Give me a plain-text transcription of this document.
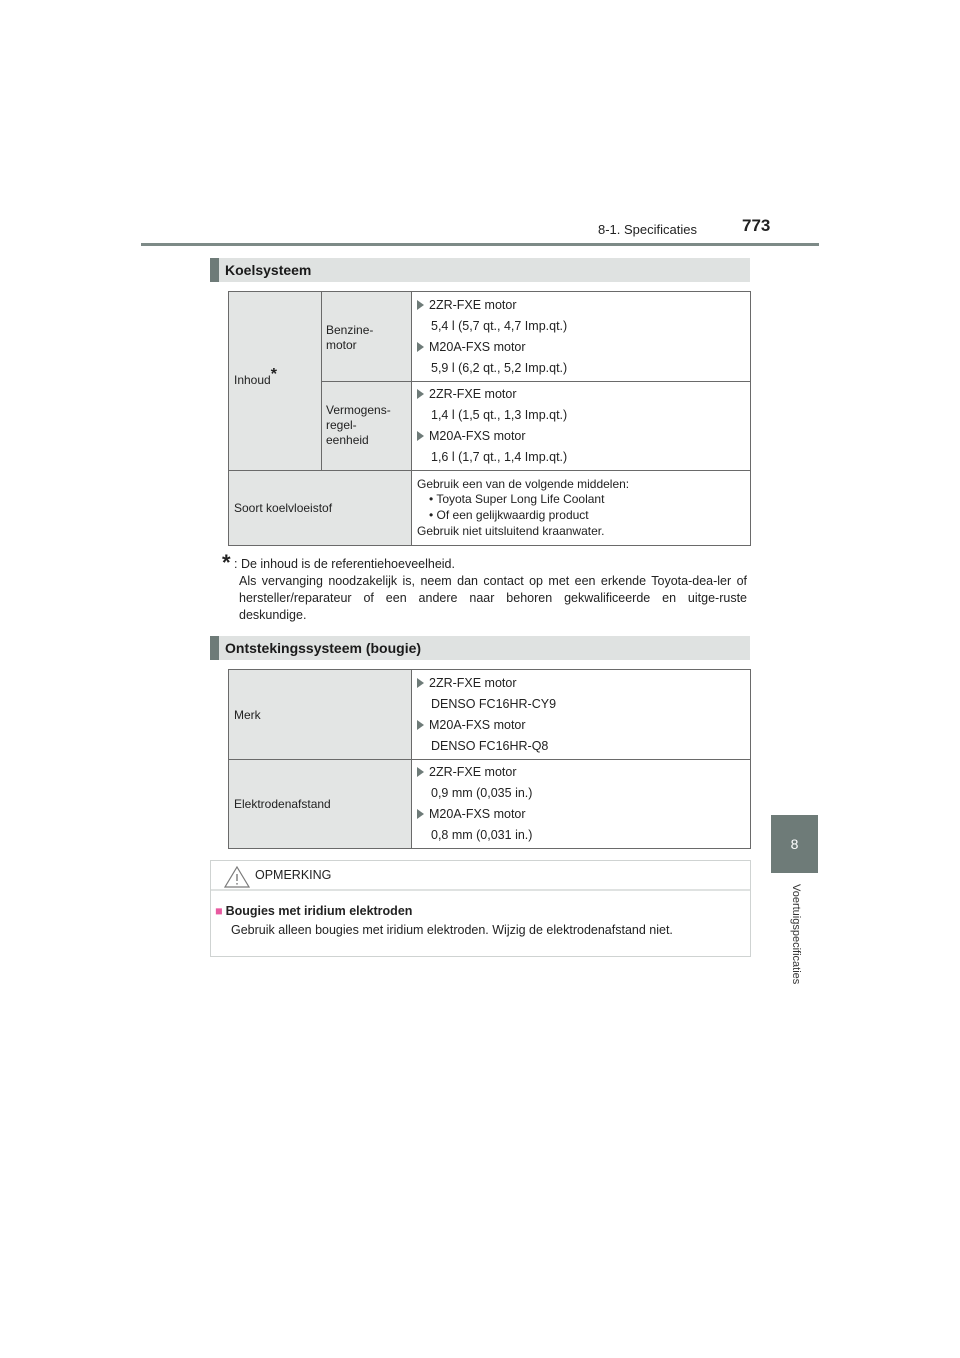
8-1. Specificaties	773
8
Voertuigspecificaties
Koelsysteem
Inhoud*
Benzine-
motor
Vermogens-
regel-
eenheid
Soort koelvloeistof
2ZR-FXE motor
5,4 l (5,7 qt., 4,7 Imp.qt.)
M20A-FXS motor
5,9 l (6,2 qt., 5,2 Imp.qt.)
2ZR-FXE motor
1,4 l (1,5 qt., 1,3 Imp.qt.)
M20A-FXS motor
1,6 l (1,7 qt., 1,4 Imp.qt.)
Gebruik een van de volgende middelen:
• Toyota Super Long Life Coolant
• Of een gelijkwaardig product
Gebruik niet uitsluitend kraanwater.
* : De inhoud is de referentiehoeveelheid.
Als vervanging noodzakelijk is, neem dan contact op met een erkende Toyota-dea-ler of hersteller/reparateur of een andere naar behoren gekwalificeerde en uitge-ruste deskundige.
Ontstekingssysteem (bougie)
Merk
Elektrodenafstand
2ZR-FXE motor
DENSO FC16HR-CY9
M20A-FXS motor
DENSO FC16HR-Q8
2ZR-FXE motor
0,9 mm (0,035 in.)
M20A-FXS motor
0,8 mm (0,031 in.)
OPMERKING
■ Bougies met iridium elektroden
Gebruik alleen bougies met iridium elektroden. Wijzig de elektrodenafstand niet.
